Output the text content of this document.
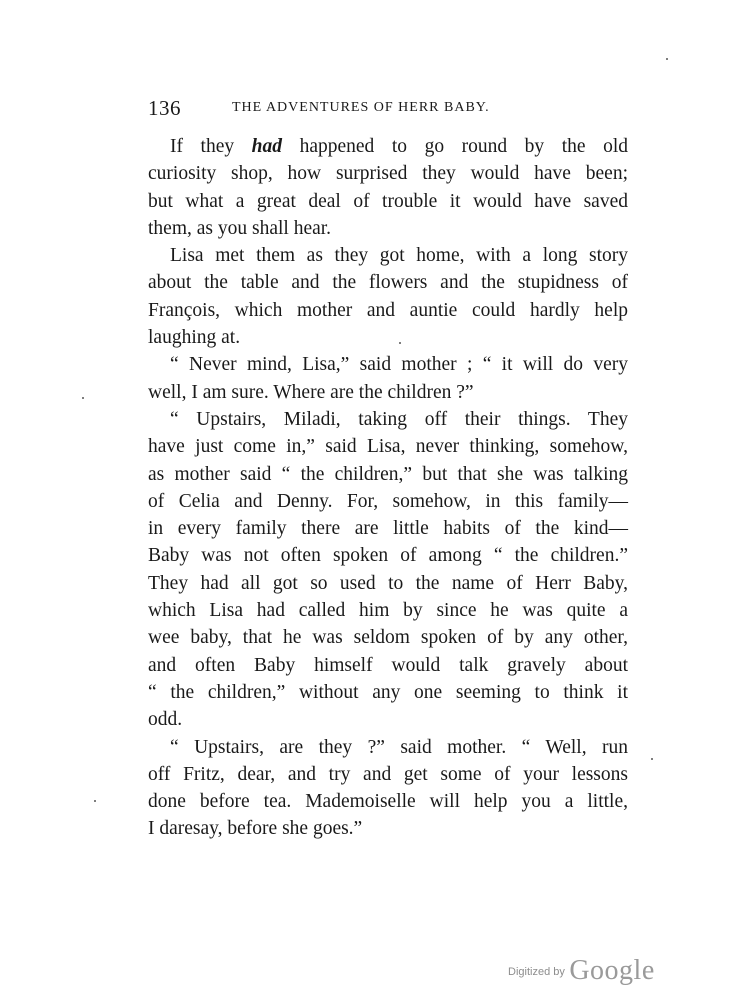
136	THE ADVENTURES OF HERR BABY.
If they had happened to go round by the old
curiosity shop, how surprised they would have been;
but what a great deal of trouble it would have saved
them, as you shall hear.
Lisa met them as they got home, with a long story
about the table and the flowers and the stupidness of
François, which mother and auntie could hardly help
laughing at.
“ Never mind, Lisa,” said mother ; “ it will do very
well, I am sure. Where are the children ?”
“ Upstairs, Miladi, taking off their things. They
have just come in,” said Lisa, never thinking, somehow,
as mother said “ the children,” but that she was talking
of Celia and Denny. For, somehow, in this family—
in every family there are little habits of the kind—
Baby was not often spoken of among “ the children.”
They had all got so used to the name of Herr Baby,
which Lisa had called him by since he was quite a
wee baby, that he was seldom spoken of by any other,
and often Baby himself would talk gravely about
“ the children,” without any one seeming to think it
odd.
“ Upstairs, are they ?” said mother. “ Well, run
off Fritz, dear, and try and get some of your lessons
done before tea. Mademoiselle will help you a little,
I daresay, before she goes.”
$^{Digitized by}$ Google
